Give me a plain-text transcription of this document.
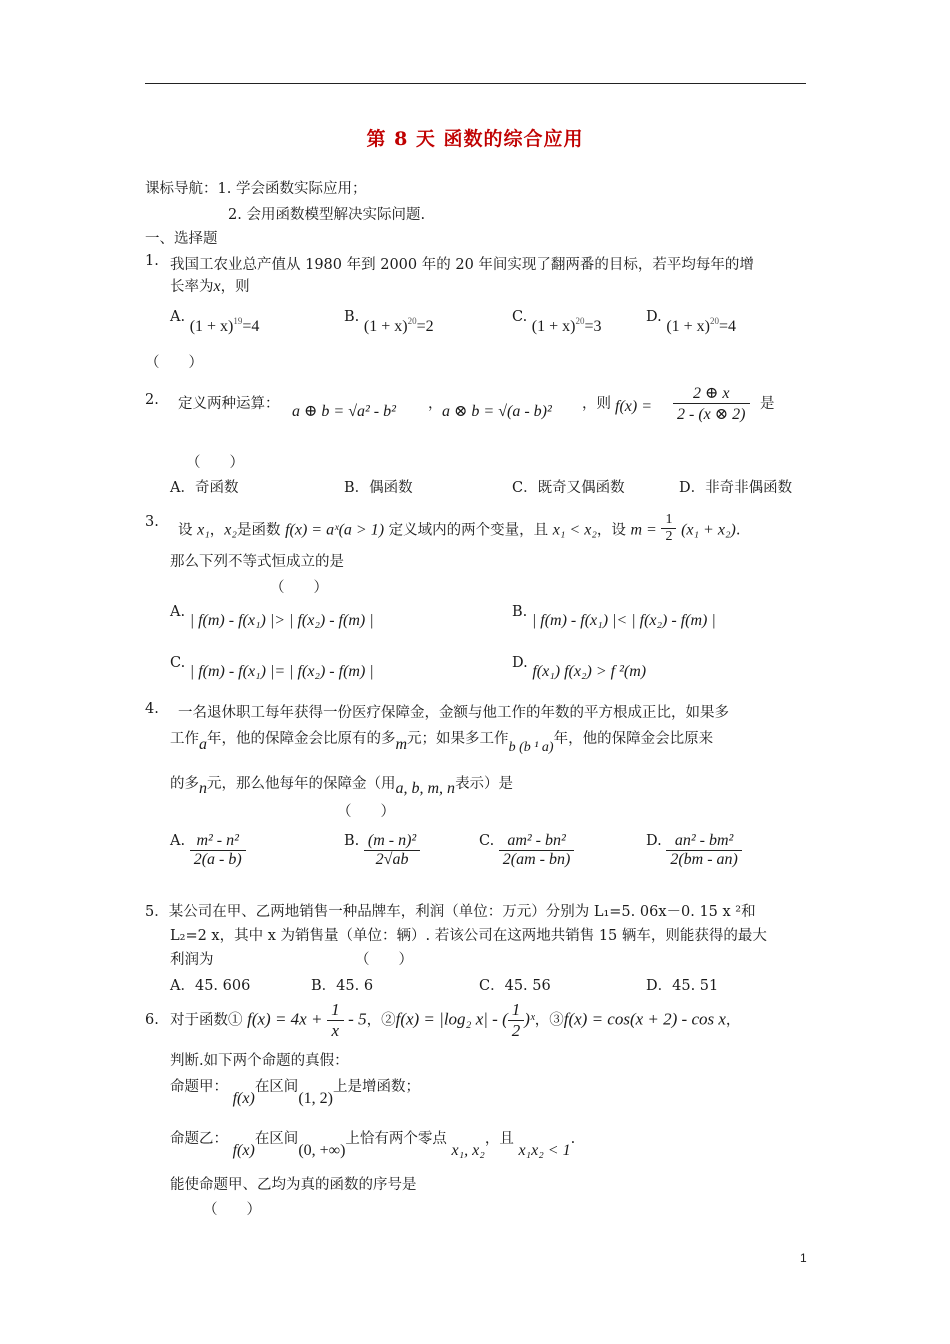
第 8 天 函数的综合应用
课标导航：1. 学会函数实际应用；
2. 会用函数模型解决实际问题.
一、选择题
1. 我国工农业总产值从 1980 年到 2000 年的 20 年间实现了翻两番的目标，若平均每年的增
长率为x，则
A. $(1 + x)^{19}=4$
B. $(1 + x)^{20}=2$
C. $(1 + x)^{20}=3$
D. $(1 + x)^{20}=4$
（　　）
2. 定义两种运算： a ⊕ b = √a² - b² ， a ⊗ b = √(a - b)² ，则 $f(x) = \frac{2 \oplus x}{2 - (x \otimes 2)}$ 是
（　　）
A．奇函数	B．偶函数	C．既奇又偶函数	D．非奇非偶函数
3.
设 x₁，x₂是函数 f(x) = aˣ(a > 1) 定义域内的两个变量，且 x₁ < x₂，设 $m = \frac{1}{2} (x_1 + x_2)$.
那么下列不等式恒成立的是
（　　）
A. | f(m) - f(x₁) |> | f(x₂) - f(m) |	B. | f(m) - f(x₁) |< | f(x₂) - f(m) |
C. | f(m) - f(x₁) |= | f(x₂) - f(m) |	D. f(x₁) f(x₂) > f ²(m)
4. 一名退休职工每年获得一份医疗保障金，金额与他工作的年数的平方根成正比，如果多
工作a年，他的保障金会比原有的多m元；如果多工作b (b ¹ a)年，他的保障金会比原来
的多n元，那么他每年的保障金（用a, b, m, n表示）是
（　　）
A. $\frac{\text{m² - n²}}{2(a - b)}$	B. $\frac{\text{(m - n)²}}{2√ab}$	C. $\frac{\text{am² - bn²}}{2(am - bn)}$	D. $\frac{\text{an² - bm²}}{2(bm - an)}$
5．某公司在甲、乙两地销售一种品牌车，利润（单位：万元）分别为 L₁=5. 06x－0. 15 x ²和
L₂=2 x，其中 x 为销售量（单位：辆）. 若该公司在这两地共销售 15 辆车，则能获得的最大
利润为	（　　）
A．45. 606	B．45. 6	C．45. 56	D．45. 51
6. 对于函数① $f(x) = 4x + \frac{1}{x} - 5$，②f(x) = |log₂ x| - ( $\frac{1}{2}$ )ˣ，③f(x) = cos(x + 2) - cos x，
判断.如下两个命题的真假：
命题甲： f(x)在区间(1, 2)上是增函数；
命题乙： f(x)在区间(0, +∞)上恰有两个零点 x₁, x₂，且 x₁x₂ < 1.
能使命题甲、乙均为真的函数的序号是
（　　）
1
